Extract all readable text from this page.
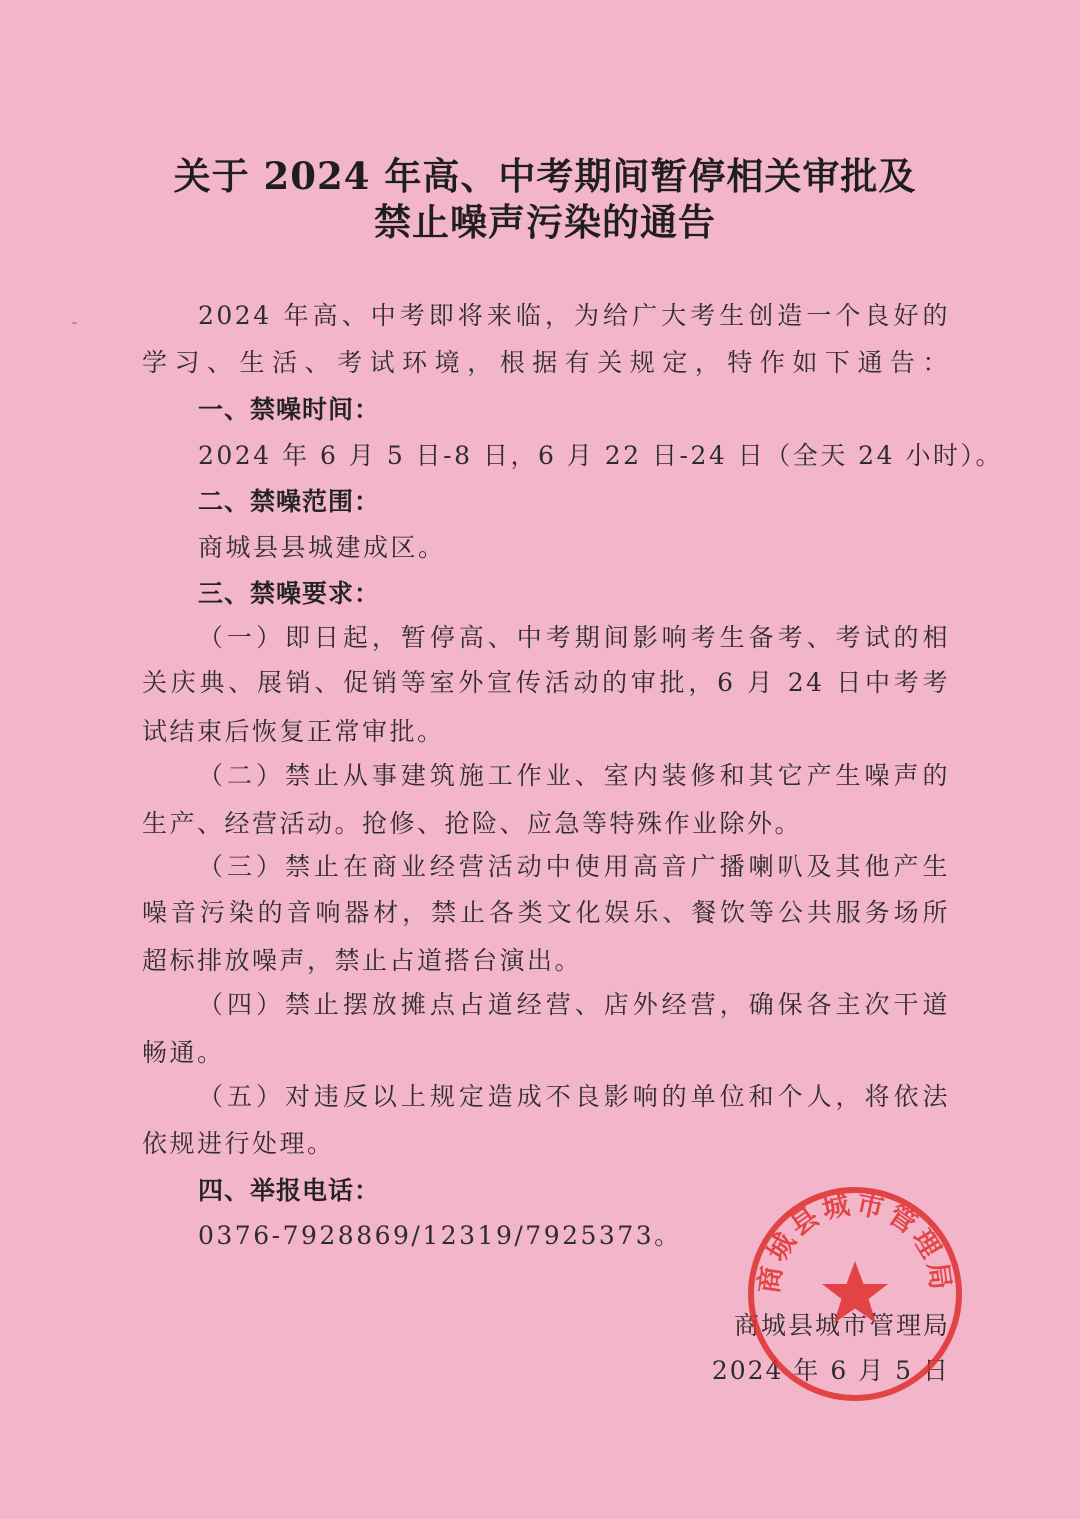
关于 2024 年高、中考期间暂停相关审批及
禁止噪声污染的通告
2024 年高、中考即将来临，为给广大考生创造一个良好的
学习、生活、考试环境，根据有关规定，特作如下通告：
一、禁噪时间：
2024 年 6 月 5 日-8 日，6 月 22 日-24 日（全天 24 小时）。
二、禁噪范围：
商城县县城建成区。
三、禁噪要求：
（一）即日起，暂停高、中考期间影响考生备考、考试的相
关庆典、展销、促销等室外宣传活动的审批，6 月 24 日中考考
试结束后恢复正常审批。
（二）禁止从事建筑施工作业、室内装修和其它产生噪声的
生产、经营活动。抢修、抢险、应急等特殊作业除外。
（三）禁止在商业经营活动中使用高音广播喇叭及其他产生
噪音污染的音响器材，禁止各类文化娱乐、餐饮等公共服务场所
超标排放噪声，禁止占道搭台演出。
（四）禁止摆放摊点占道经营、店外经营，确保各主次干道
畅通。
（五）对违反以上规定造成不良影响的单位和个人，将依法
依规进行处理。
四、举报电话：
0376-7928869/12319/7925373。
商城县城市管理局
2024 年 6 月 5 日
商城县城市管理局
